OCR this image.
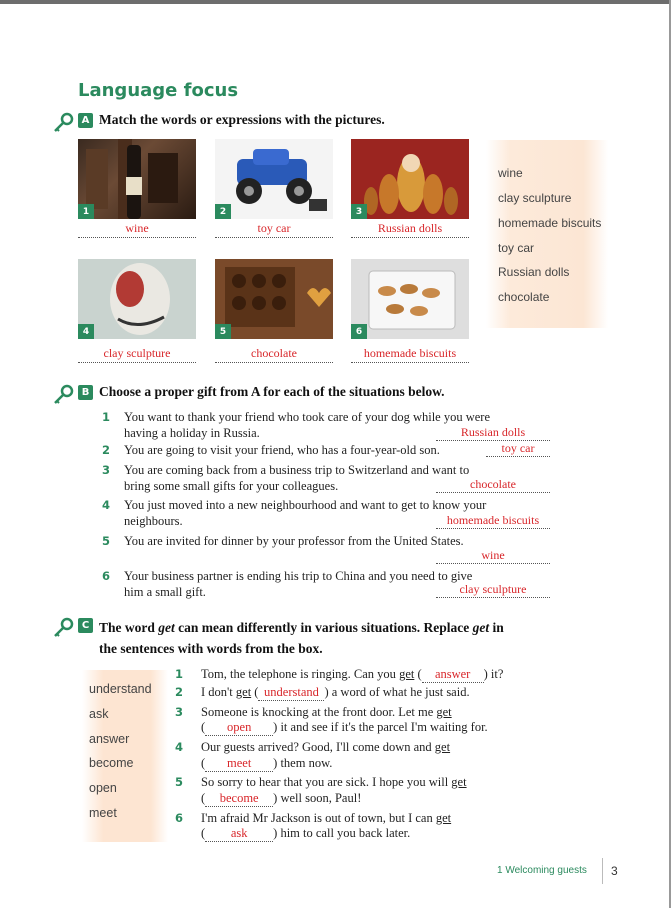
Language focus
A Match the words or expressions with the pictures.
1	2	3
wine	toy car	Russian dolls
4	5	6
clay sculpture	chocolate	homemade biscuits
wine
clay sculpture
homemade biscuits
toy car
Russian dolls
chocolate
B Choose a proper gift from A for each of the situations below.
1 You want to thank your friend who took care of your dog while you were
having a holiday in Russia.	Russian dolls
2 You are going to visit your friend, who has a four-year-old son.	toy car
3 You are coming back from a business trip to Switzerland and want to
bring some small gifts for your colleagues.	chocolate
4 You just moved into a new neighbourhood and want to get to know your
neighbours.	homemade biscuits
5 You are invited for dinner by your professor from the United States.
wine
6 Your business partner is ending his trip to China and you need to give
him a small gift.	clay sculpture
C The word get can mean differently in various situations. Replace get in
the sentences with words from the box.
understand
ask
answer
become
open
meet
1 Tom, the telephone is ringing. Can you get ( answer ) it?
2 I don't get ( understand ) a word of what he just said.
3 Someone is knocking at the front door. Let me get
( open ) it and see if it's the parcel I'm waiting for.
4 Our guests arrived? Good, I'll come down and get
( meet ) them now.
5 So sorry to hear that you are sick. I hope you will get
( become ) well soon, Paul!
6 I'm afraid Mr Jackson is out of town, but I can get
( ask ) him to call you back later.
1 Welcoming guests 3
